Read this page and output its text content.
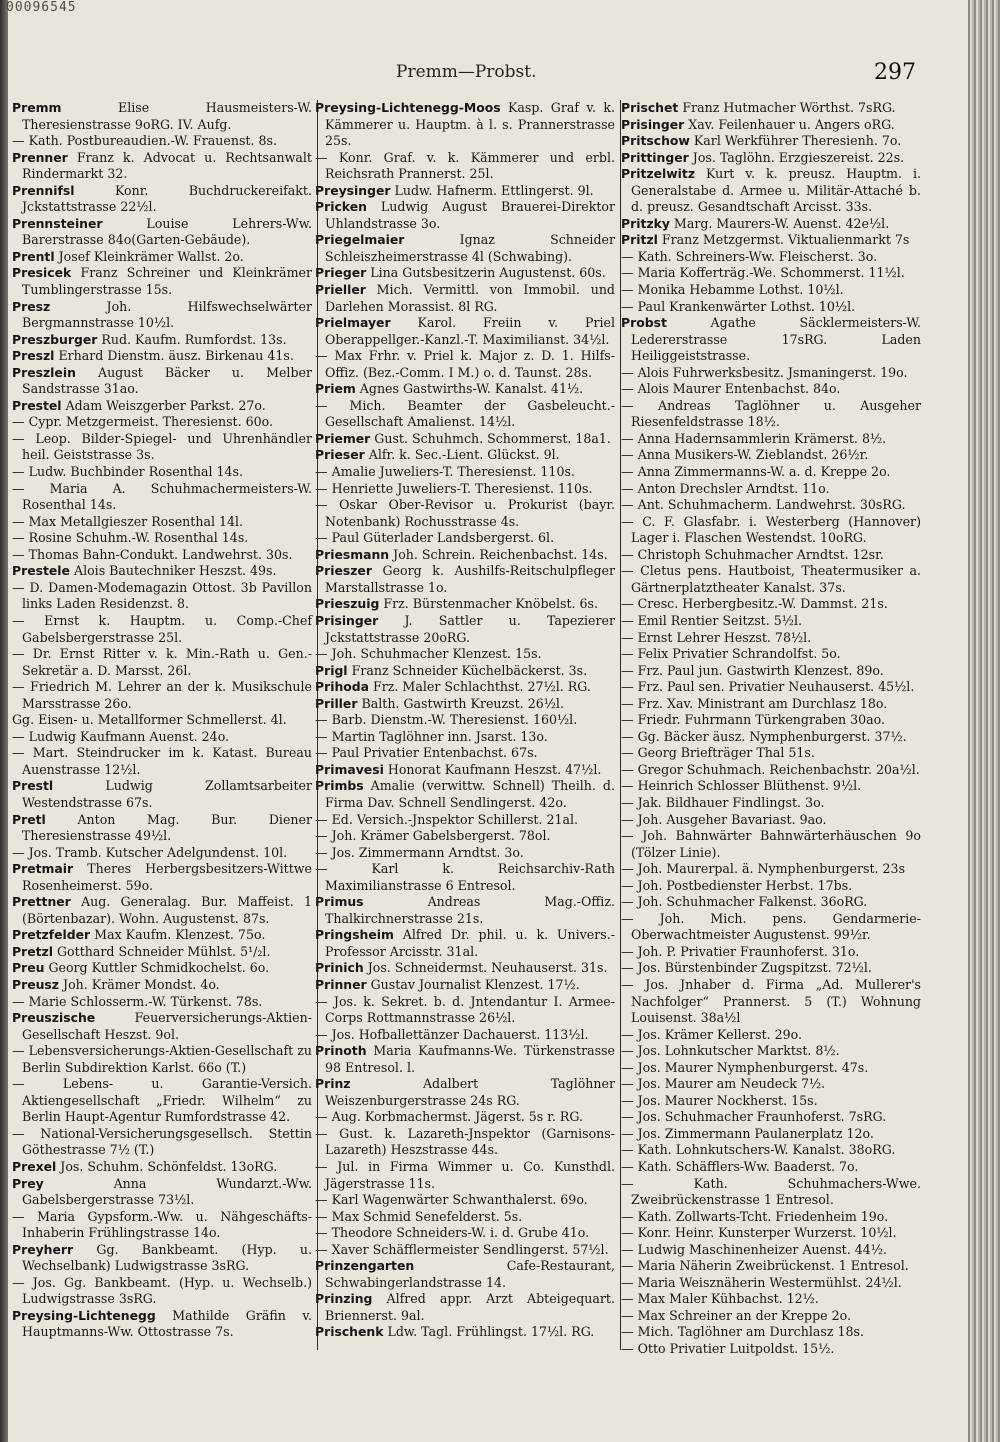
Premm—Probst.	297

Premm	Elise Hausmeisters-W. Theresienstrasse 9oRG. IV. Aufg.

— Kath. Postbureaudien.-W. Frauenst. 8s.

Prenner Franz k. Advocat u. Rechtsanwalt Rindermarkt 32.

Prennifsl	Konr. Buchdruckereifakt. Jckstattstrasse 22½l.

Prennsteiner	Louise Lehrers-Ww. Barerstrasse 84o(Garten-Gebäude).

Prentl Josef Kleinkrämer Wallst. 2o.

Presicek Franz Schreiner und Kleinkrämer Tumblingerstrasse 15s.

Presz	Joh. Hilfswechselwärter Bergmannstrasse 10½l.

Preszburger Rud. Kaufm. Rumfordst. 13s.

Preszl Erhard Dienstm. äusz. Birkenau 41s.

Preszlein August Bäcker u. Melber Sandstrasse 31ao.

Prestel Adam Weiszgerber Parkst. 27o.

— Cypr. Metzgermeist. Theresienst. 60o.

— Leop. Bilder-Spiegel- und Uhrenhändler heil. Geiststrasse 3s.

— Ludw. Buchbinder Rosenthal 14s.

— Maria A. Schuhmachermeisters-W. Rosenthal 14s.

— Max Metallgieszer Rosenthal 14l.

— Rosine Schuhm.-W. Rosenthal 14s.

— Thomas Bahn-Condukt. Landwehrst. 30s.

Prestele Alois Bautechniker Heszst. 49s.

— D. Damen-Modemagazin Ottost. 3b Pavillon links Laden Residenzst. 8.

— Ernst k. Hauptm. u. Comp.-Chef Gabelsbergerstrasse 25l.

— Dr. Ernst Ritter v. k. Min.-Rath u. Gen.-Sekretär a. D. Marsst. 26l.

— Friedrich M. Lehrer an der k. Musikschule Marsstrasse 26o.

Gg. Eisen- u. Metallformer Schmellerst. 4l.

— Ludwig Kaufmann Auenst. 24o.

— Mart. Steindrucker im k. Katast. Bureau Auenstrasse 12½l.

Prestl	Ludwig Zollamtsarbeiter Westendstrasse 67s.

Pretl	Anton Mag. Bur. Diener Theresienstrasse 49½l.

— Jos. Tramb. Kutscher Adelgundenst. 10l.

Pretmair Theres Herbergsbesitzers-Wittwe Rosenheimerst. 59o.

Prettner Aug. Generalag. Bur. Maffeist. 1 (Börtenbazar). Wohn. Augustenst. 87s.

Pretzfelder Max Kaufm. Klenzest. 75o.

Pretzl Gotthard Schneider Mühlst. 5¹/₂l.

Preu Georg Kuttler Schmidkochelst. 6o.

Preusz Joh. Krämer Mondst. 4o.

— Marie Schlosserm.-W. Türkenst. 78s.

Preuszische	Feuerversicherungs-Aktien-Gesellschaft Heszst. 9ol.

— Lebensversicherungs-Aktien-Gesellschaft zu Berlin Subdirektion Karlst. 66o (T.)

— Lebens- u. Garantie-Versich. Aktiengesellschaft „Friedr. Wilhelm“ zu Berlin Haupt-Agentur Rumfordstrasse 42.

— National-Versicherungsgesellsch. Stettin Göthestrasse 7½ (T.)

Prexel Jos. Schuhm. Schönfeldst. 13oRG.

Prey	Anna Wundarzt.-Ww. Gabelsbergerstrasse 73½l.

— Maria Gypsform.-Ww. u. Nähgeschäfts-Inhaberin Frühlingstrasse 14o.

Preyherr Gg. Bankbeamt. (Hyp. u. Wechselbank) Ludwigstrasse 3sRG.

— Jos. Gg. Bankbeamt. (Hyp. u. Wechselb.) Ludwigstrasse 3sRG.

Preysing-Lichtenegg Mathilde Gräfin v. Hauptmanns-Ww. Ottostrasse 7s.

Preysing-Lichtenegg-Moos Kasp. Graf v. k. Kämmerer u. Hauptm. à l. s. Prannerstrasse 25s.

— Konr. Graf. v. k. Kämmerer und erbl. Reichsrath Prannerst. 25l.

Preysinger Ludw. Hafnerm. Ettlingerst. 9l.

Pricken Ludwig August Brauerei-Direktor Uhlandstrasse 3o.

Priegelmaier	Ignaz Schneider Schleiszheimerstrasse 4l (Schwabing).

Prieger Lina Gutsbesitzerin Augustenst. 60s.

Prieller Mich. Vermittl. von Immobil. und Darlehen Morassist. 8l RG.

Prielmayer Karol. Freiin v. Priel Oberappellger.-Kanzl.-T. Maximilianst. 34½l.

— Max Frhr. v. Priel k. Major z. D. 1. Hilfs-Offiz. (Bez.-Comm. I M.) o. d. Taunst. 28s.

Priem Agnes Gastwirths-W. Kanalst. 41½.

— Mich. Beamter der Gasbeleucht.-Gesellschaft Amalienst. 14½l.

Priemer Gust. Schuhmch. Schommerst. 18a1.

Prieser Alfr. k. Sec.-Lient. Glückst. 9l.

— Amalie Juweliers-T. Theresienst. 110s.

— Henriette Juweliers-T. Theresienst. 110s.

— Oskar Ober-Revisor u. Prokurist (bayr. Notenbank) Rochusstrasse 4s.

— Paul Güterlader Landsbergerst. 6l.

Priesmann Joh. Schrein. Reichenbachst. 14s.

Prieszer Georg k. Aushilfs-Reitschulpfleger Marstallstrasse 1o.

Prieszuig Frz. Bürstenmacher Knöbelst. 6s.

Prisinger J. Sattler u. Tapezierer Jckstattstrasse 20oRG.

— Joh. Schuhmacher Klenzest. 15s.

Prigl Franz Schneider Küchelbäckerst. 3s.

Prihoda Frz. Maler Schlachthst. 27½l. RG.

Priller Balth. Gastwirth Kreuzst. 26½l.

— Barb. Dienstm.-W. Theresienst. 160½l.

— Martin Taglöhner inn. Jsarst. 13o.

— Paul Privatier Entenbachst. 67s.

Primavesi Honorat Kaufmann Heszst. 47½l.

Primbs Amalie (verwittw. Schnell) Theilh. d. Firma Dav. Schnell Sendlingerst. 42o.

— Ed. Versich.-Jnspektor Schillerst. 21al.

— Joh. Krämer Gabelsbergerst. 78ol.

— Jos. Zimmermann Arndtst. 3o.

— Karl k. Reichsarchiv-Rath Maximilianstrasse 6 Entresol.

Primus	Andreas Mag.-Offiz. Thalkirchnerstrasse 21s.

Pringsheim Alfred Dr. phil. u. k. Univers.-Professor Arcisstr. 31al.

Prinich Jos. Schneidermst. Neuhauserst. 31s.

Prinner Gustav Journalist Klenzest. 17½.

— Jos. k. Sekret. b. d. Jntendantur I. Armee-Corps Rottmannstrasse 26½l.

— Jos. Hofballettänzer Dachauerst. 113½l.

Prinoth Maria Kaufmanns-We. Türkenstrasse 98 Entresol. l.

Prinz	Adalbert Taglöhner Weiszenburgerstrasse 24s RG.

— Aug. Korbmachermst. Jägerst. 5s r. RG.

— Gust. k. Lazareth-Jnspektor (Garnisons-Lazareth) Heszstrasse 44s.

— Jul. in Firma Wimmer u. Co. Kunsthdl. Jägerstrasse 11s.

— Karl Wagenwärter Schwanthalerst. 69o.

— Max Schmid Senefelderst. 5s.

— Theodore Schneiders-W. i. d. Grube 41o.

— Xaver Schäfflermeister Sendlingerst. 57½l.

Prinzengarten	Cafe-Restaurant, Schwabingerlandstrasse 14.

Prinzing Alfred appr. Arzt Abteigequart. Briennerst. 9al.

Prischenk Ldw. Tagl. Frühlingst. 17½l. RG.

Prischet Franz Hutmacher Wörthst. 7sRG.

Prisinger Xav. Feilenhauer u. Angers oRG.

Pritschow Karl Werkführer Theresienh. 7o.

Prittinger Jos. Taglöhn. Erzgieszereist. 22s.

Pritzelwitz Kurt v. k. preusz. Hauptm. i. Generalstabe d. Armee u. Militär-Attaché b. d. preusz. Gesandtschaft Arcisst. 33s.

Pritzky Marg. Maurers-W. Auenst. 42e½l.

Pritzl Franz Metzgermst. Viktualienmarkt 7s

— Kath. Schreiners-Ww. Fleischerst. 3o.

— Maria Kofferträg.-We. Schommerst. 11½l.

— Monika Hebamme Lothst. 10½l.

— Paul Krankenwärter Lothst. 10½l.

Probst	Agathe Säcklermeisters-W. Ledererstrasse 17sRG. Laden Heiliggeiststrasse.

— Alois Fuhrwerksbesitz. Jsmaningerst. 19o.

— Alois Maurer Entenbachst. 84o.

— Andreas Taglöhner u. Ausgeher Riesenfeldstrasse 18½.

— Anna Hadernsammlerin Krämerst. 8½.

— Anna Musikers-W. Zieblandst. 26½r.

— Anna Zimmermanns-W. a. d. Kreppe 2o.

— Anton Drechsler Arndtst. 11o.

— Ant. Schuhmacherm. Landwehrst. 30sRG.

— C. F. Glasfabr. i. Westerberg (Hannover) Lager i. Flaschen Westendst. 10oRG.

— Christoph Schuhmacher Arndtst. 12sr.

— Cletus pens. Hautboist, Theatermusiker a. Gärtnerplatztheater Kanalst. 37s.

— Cresc. Herbergbesitz.-W. Dammst. 21s.

— Emil Rentier Seitzst. 5½l.

— Ernst Lehrer Heszst. 78½l.

— Felix Privatier Schrandolfst. 5o.

— Frz. Paul jun. Gastwirth Klenzest. 89o.

— Frz. Paul sen. Privatier Neuhauserst. 45½l.

— Frz. Xav. Ministrant am Durchlasz 18o.

— Friedr. Fuhrmann Türkengraben 30ao.

— Gg. Bäcker äusz. Nymphenburgerst. 37½.

— Georg Briefträger Thal 51s.

— Gregor Schuhmach. Reichenbachstr. 20a½l.

— Heinrich Schlosser Blüthenst. 9½l.

— Jak. Bildhauer Findlingst. 3o.

— Joh. Ausgeher Bavariast. 9ao.

— Joh. Bahnwärter Bahnwärterhäuschen 9o (Tölzer Linie).

— Joh. Maurerpal. ä. Nymphenburgerst. 23s

— Joh. Postbedienster Herbst. 17bs.

— Joh. Schuhmacher Falkenst. 36oRG.

— Joh. Mich. pens. Gendarmerie-Oberwachtmeister Augustenst. 99½r.

— Joh. P. Privatier Fraunhoferst. 31o.

— Jos. Bürstenbinder Zugspitzst. 72½l.

— Jos. Jnhaber d. Firma „Ad. Mullerer's Nachfolger“ Prannerst. 5 (T.) Wohnung Louisenst. 38a½l

— Jos. Krämer Kellerst. 29o.

— Jos. Lohnkutscher Marktst. 8½.

— Jos. Maurer Nymphenburgerst. 47s.

— Jos. Maurer am Neudeck 7½.

— Jos. Maurer Nockherst. 15s.

— Jos. Schuhmacher Fraunhoferst. 7sRG.

— Jos. Zimmermann Paulanerplatz 12o.

— Kath. Lohnkutschers-W. Kanalst. 38oRG.

— Kath. Schäfflers-Ww. Baaderst. 7o.

— Kath. Schuhmachers-Wwe. Zweibrückenstrasse 1 Entresol.

— Kath. Zollwarts-Tcht. Friedenheim 19o.

— Konr. Heinr. Kunsterper Wurzerst. 10½l.

— Ludwig Maschinenheizer Auenst. 44½.

— Maria Näherin Zweibrückenst. 1 Entresol.

— Maria Weisznäherin Westermühlst. 24½l.

— Max Maler Kühbachst. 12½.

— Max Schreiner an der Kreppe 2o.

— Mich. Taglöhner am Durchlasz 18s.

— Otto Privatier Luitpoldst. 15½.

00096545
